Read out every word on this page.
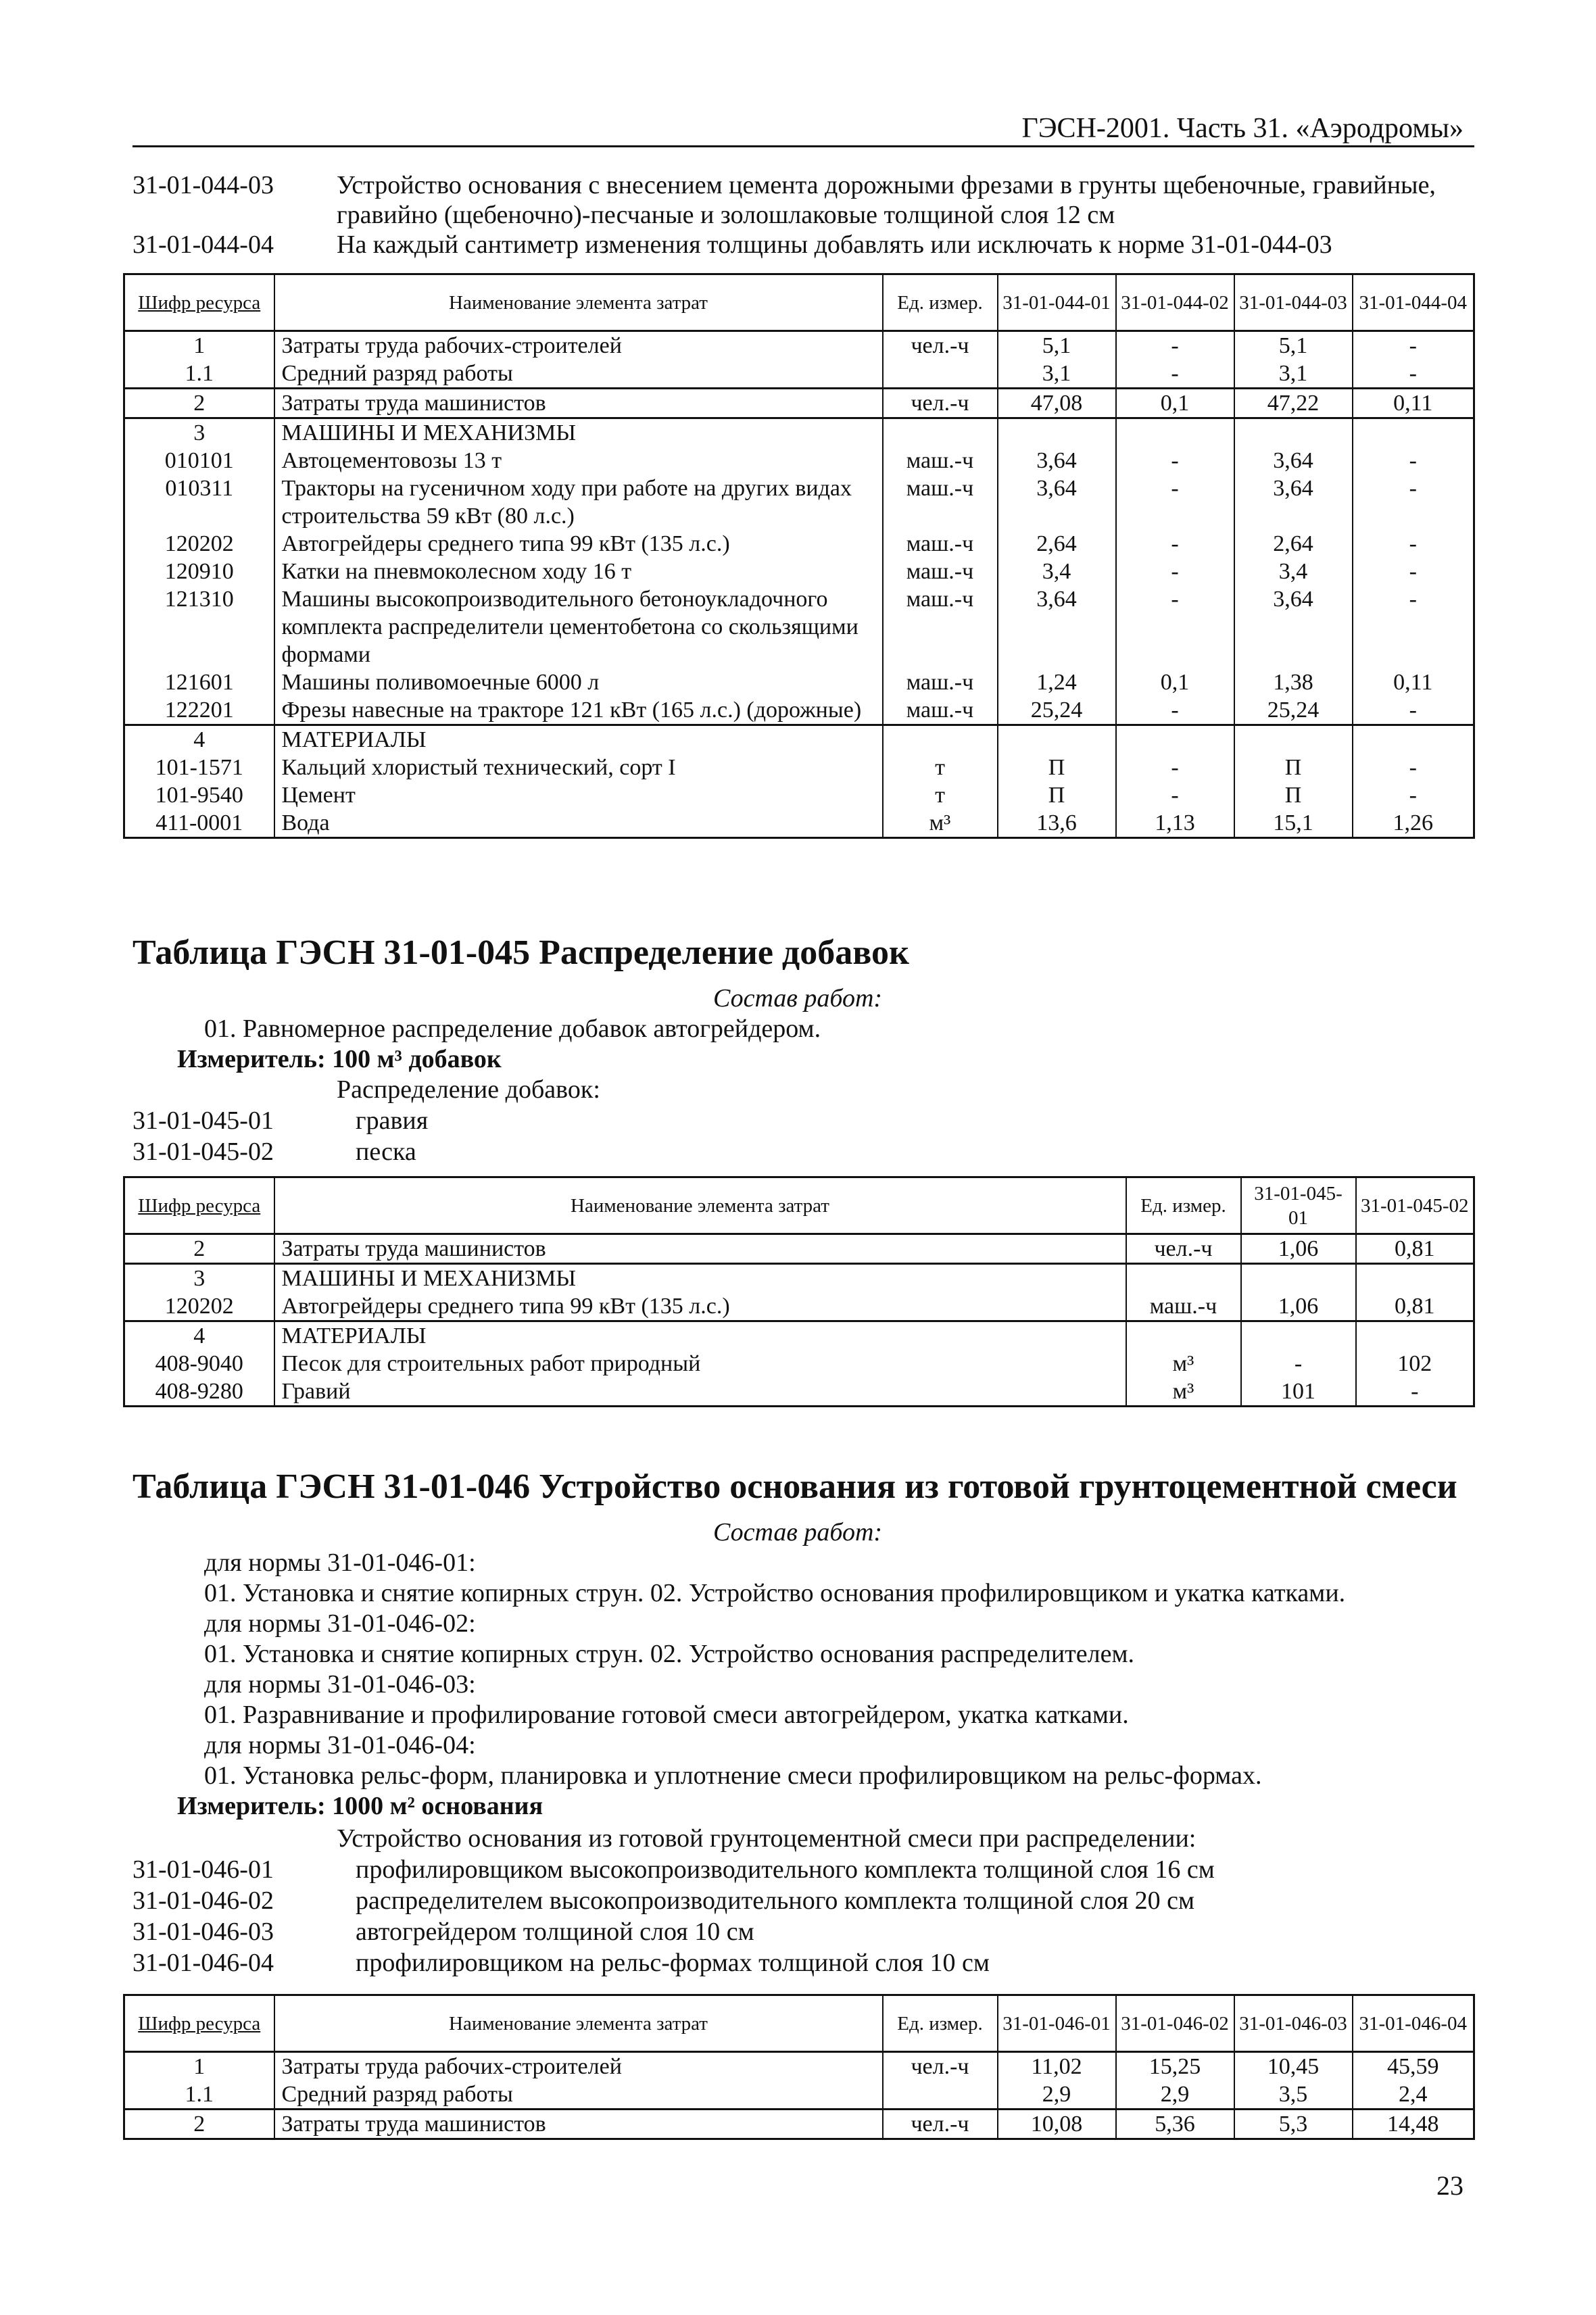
ГЭСН-2001. Часть 31. «Аэродромы»
31-01-044-03 Устройство основания с внесением цемента дорожными фрезами в грунты щебеночные, гравийные, гравийно (щебеночно)-песчаные и золошлаковые толщиной слоя 12 см
31-01-044-04 На каждый сантиметр изменения толщины добавлять или исключать к норме 31-01-044-03
Шифр ресурса	Наименование элемента затрат	Ед. измер.	31-01-044-01	31-01-044-02	31-01-044-03	31-01-044-04
1	Затраты труда рабочих-строителей	чел.-ч	5,1	-	5,1	-
1.1	Средний разряд работы		3,1	-	3,1	-
2	Затраты труда машинистов	чел.-ч	47,08	0,1	47,22	0,11
3	МАШИНЫ И МЕХАНИЗМЫ					
010101	Автоцементовозы 13 т	маш.-ч	3,64	-	3,64	-
010311	Тракторы на гусеничном ходу при работе на других видах строительства 59 кВт (80 л.с.)	маш.-ч	3,64	-	3,64	-
120202	Автогрейдеры среднего типа 99 кВт (135 л.с.)	маш.-ч	2,64	-	2,64	-
120910	Катки на пневмоколесном ходу 16 т	маш.-ч	3,4	-	3,4	-
121310	Машины высокопроизводительного бетоноукладочного комплекта распределители цементобетона со скользящими формами	маш.-ч	3,64	-	3,64	-
121601	Машины поливомоечные 6000 л	маш.-ч	1,24	0,1	1,38	0,11
122201	Фрезы навесные на тракторе 121 кВт (165 л.с.) (дорожные)	маш.-ч	25,24	-	25,24	-
4	МАТЕРИАЛЫ					
101-1571	Кальций хлористый технический, сорт I	т	П	-	П	-
101-9540	Цемент	т	П	-	П	-
411-0001	Вода	м³	13,6	1,13	15,1	1,26
Таблица ГЭСН 31-01-045 Распределение добавок
Состав работ:
01. Равномерное распределение добавок автогрейдером.
Измеритель: 100 м³ добавок
Распределение добавок:
31-01-045-01	гравия
31-01-045-02	песка
Шифр ресурса	Наименование элемента затрат	Ед. измер.	31-01-045-01	31-01-045-02
2	Затраты труда машинистов	чел.-ч	1,06	0,81
3	МАШИНЫ И МЕХАНИЗМЫ			
120202	Автогрейдеры среднего типа 99 кВт (135 л.с.)	маш.-ч	1,06	0,81
4	МАТЕРИАЛЫ			
408-9040	Песок для строительных работ природный	м³	-	102
408-9280	Гравий	м³	101	-
Таблица ГЭСН 31-01-046 Устройство основания из готовой грунтоцементной смеси
Состав работ:
для нормы 31-01-046-01:
01. Установка и снятие копирных струн. 02. Устройство основания профилировщиком и укатка катками.
для нормы 31-01-046-02:
01. Установка и снятие копирных струн. 02. Устройство основания распределителем.
для нормы 31-01-046-03:
01. Разравнивание и профилирование готовой смеси автогрейдером, укатка катками.
для нормы 31-01-046-04:
01. Установка рельс-форм, планировка и уплотнение смеси профилировщиком на рельс-формах.
Измеритель: 1000 м² основания
Устройство основания из готовой грунтоцементной смеси при распределении:
31-01-046-01	профилировщиком высокопроизводительного комплекта толщиной слоя 16 см
31-01-046-02	распределителем высокопроизводительного комплекта толщиной слоя 20 см
31-01-046-03	автогрейдером толщиной слоя 10 см
31-01-046-04	профилировщиком на рельс-формах толщиной слоя 10 см
Шифр ресурса	Наименование элемента затрат	Ед. измер.	31-01-046-01	31-01-046-02	31-01-046-03	31-01-046-04
1	Затраты труда рабочих-строителей	чел.-ч	11,02	15,25	10,45	45,59
1.1	Средний разряд работы		2,9	2,9	3,5	2,4
2	Затраты труда машинистов	чел.-ч	10,08	5,36	5,3	14,48
23
